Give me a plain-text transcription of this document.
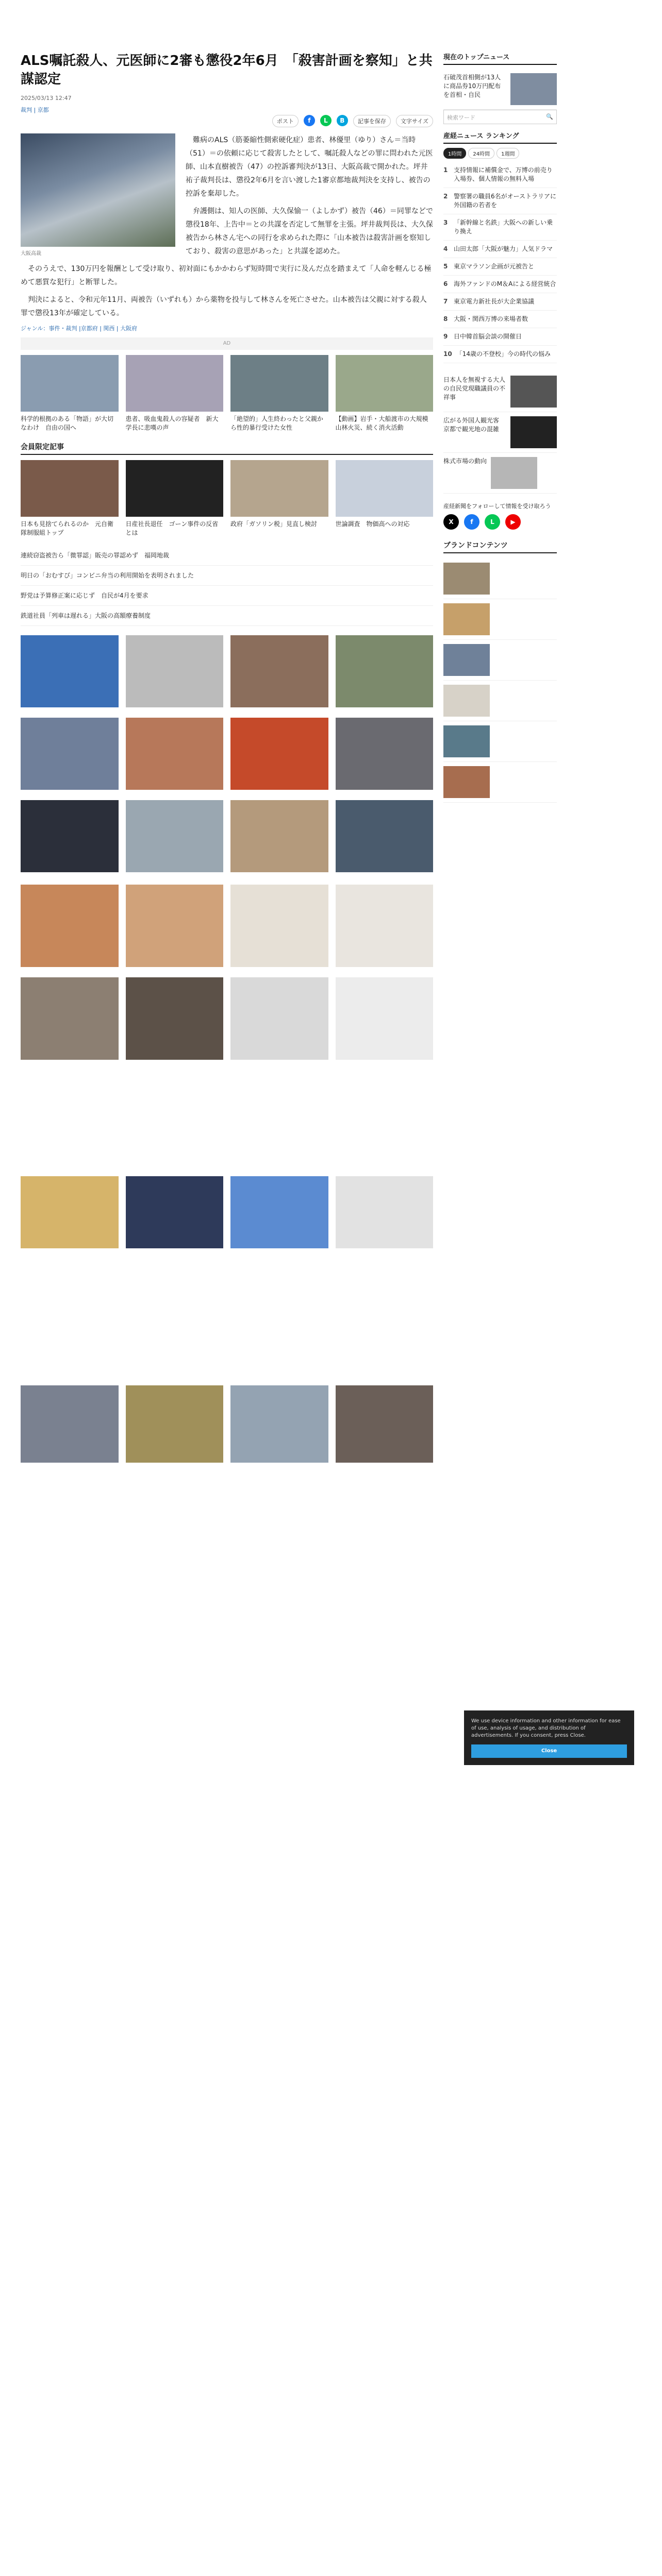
ALS嘱託殺人、元医師に2審も懲役2年6月　「殺害計画を察知」と共謀認定
2025/03/13 12:47
裁判 | 京都
ポスト	f	L	B	記事を保存	文字サイズ
大阪高裁

難病のALS（筋萎縮性側索硬化症）患者、林優里（ゆり）さん＝当時（51）＝の依頼に応じて殺害したとして、嘱託殺人などの罪に問われた元医師、山本直樹被告（47）の控訴審判決が13日、大阪高裁で開かれた。坪井祐子裁判長は、懲役2年6月を言い渡した1審京都地裁判決を支持し、被告の控訴を棄却した。

弁護側は、知人の医師、大久保愉一（よしかず）被告（46）＝同罪などで懲役18年、上告中＝との共謀を否定して無罪を主張。坪井裁判長は、大久保被告から林さん宅への同行を求められた際に「山本被告は殺害計画を察知しており、殺害の意思があった」と共謀を認めた。

そのうえで、130万円を報酬として受け取り、初対面にもかかわらず短時間で実行に及んだ点を踏まえて「人命を軽んじる極めて悪質な犯行」と断罪した。

判決によると、令和元年11月、両被告（いずれも）から薬物を投与して林さんを死亡させた。山本被告は父親に対する殺人罪で懲役13年が確定している。

ジャンル：事件・裁判 |京都府 | 関西 | 大阪府
AD
科学的根拠のある「物語」が大切なわけ　自由の国へ
患者、吸血鬼殺人の容疑者　新大学長に悲嘆の声
「絶望的」人生終わったと父親から性的暴行受けた女性
【動画】岩手・大船渡市の大規模山林火災、続く消火活動
会員限定記事
日本も見捨てられるのか　元自衛隊制服組トップ
日産社長退任　ゴーン事件の反省とは
政府「ガソリン税」見直し検討	世論調査　物価高への対応
連続窃盗被告ら「微罪認」販売の罪認めず　福岡地裁
明日の「おむすび」コンビニ弁当の利用開始を表明されました
野党は予算修正案に応じず　自民が4月を要求
鉄道社員「列車は遅れる」大阪の高額療養制度
現在のトップニュース
石破茂首相側が13人に商品券10万円配布を首相・自民
検索ワード	🔍
産経ニュース ランキング
1時間	24時間	1週間
1 支持情報に補償金で、万博の前売り入場券、個人情報の無料入場
2 警察署の職員6名がオーストラリアに外国籍の若者を
3 「新幹線と名鉄」大阪への新しい乗り換え
4 山田太郎「大阪が魅力」人気ドラマ
5 東京マラソン企画が元被告と
6 海外ファンドのM＆Aによる経営統合
7 東京電力新社長が大企業協議
8 大阪・関西万博の来場者数
9 日中韓首脳会談の開催日
10 「14歳の不登校」今の時代の悩み
日本人を無視する大人の自民党現職議員の不祥事
広がる外国人観光客　京都で観光地の混雑
株式市場の動向
産経新聞をフォローして情報を受け取ろう
X	f	L	▶
ブランドコンテンツ
We use device information and other information for ease of use, analysis of usage, and distribution of advertisements. If you consent, press Close.
Close
